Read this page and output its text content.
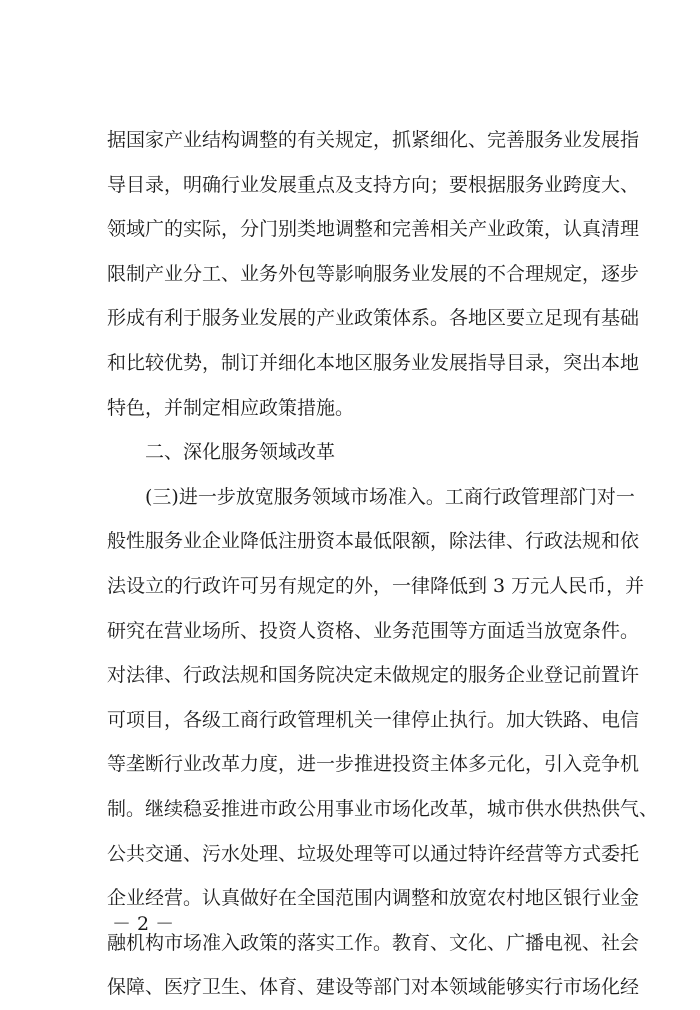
据国家产业结构调整的有关规定，抓紧细化、完善服务业发展指
导目录，明确行业发展重点及支持方向；要根据服务业跨度大、
领域广的实际，分门别类地调整和完善相关产业政策，认真清理
限制产业分工、业务外包等影响服务业发展的不合理规定，逐步
形成有利于服务业发展的产业政策体系。各地区要立足现有基础
和比较优势，制订并细化本地区服务业发展指导目录，突出本地
特色，并制定相应政策措施。
二、深化服务领域改革
(三)进一步放宽服务领域市场准入。工商行政管理部门对一
般性服务业企业降低注册资本最低限额，除法律、行政法规和依
法设立的行政许可另有规定的外，一律降低到 3 万元人民币，并
研究在营业场所、投资人资格、业务范围等方面适当放宽条件。
对法律、行政法规和国务院决定未做规定的服务企业登记前置许
可项目，各级工商行政管理机关一律停止执行。加大铁路、电信
等垄断行业改革力度，进一步推进投资主体多元化，引入竞争机
制。继续稳妥推进市政公用事业市场化改革，城市供水供热供气、
公共交通、污水处理、垃圾处理等可以通过特许经营等方式委托
企业经营。认真做好在全国范围内调整和放宽农村地区银行业金
融机构市场准入政策的落实工作。教育、文化、广播电视、社会
保障、医疗卫生、体育、建设等部门对本领域能够实行市场化经
－ 2 －
